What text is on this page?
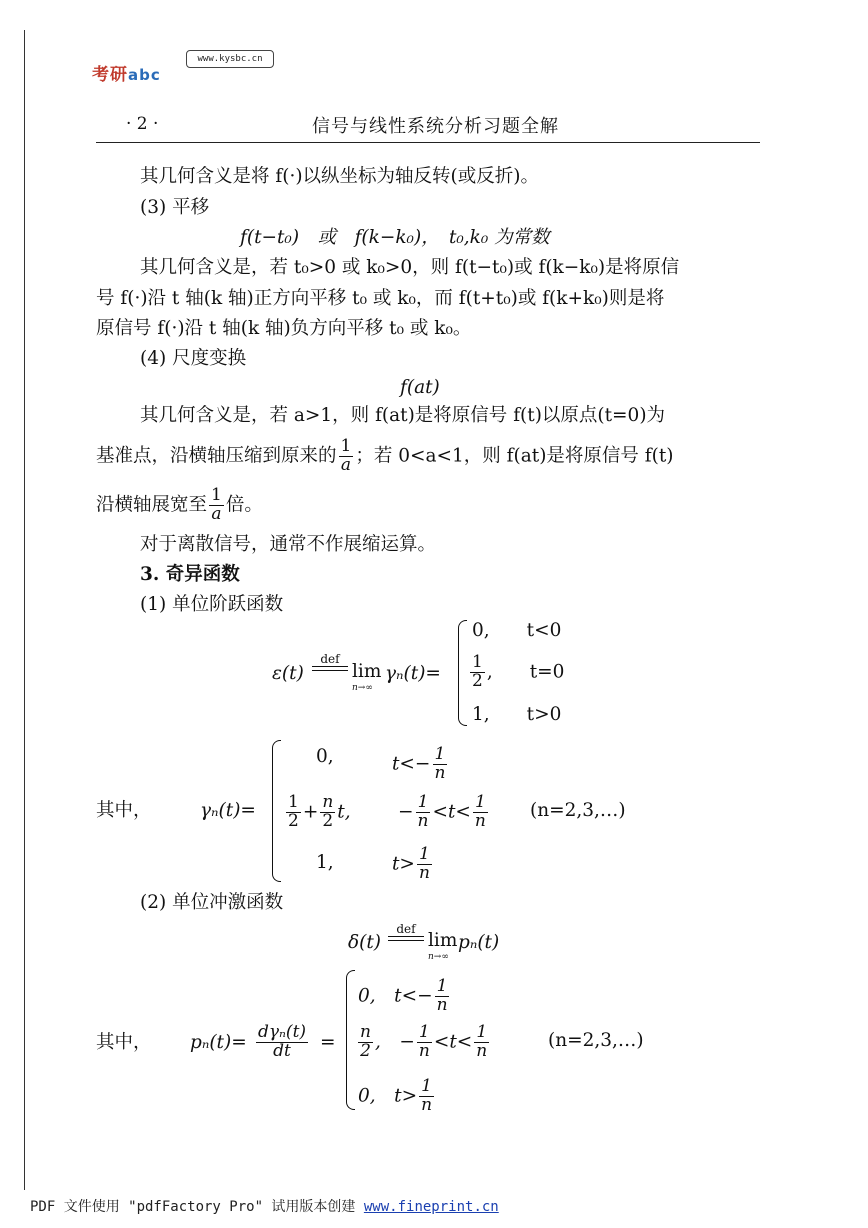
考研abc
www.kysbc.cn
· 2 ·	信号与线性系统分析习题全解
其几何含义是将 f(·)以纵坐标为轴反转(或反折)。
(3) 平移
f(t−t₀)　或　f(k−k₀)，　t₀,k₀ 为常数
其几何含义是，若 t₀>0 或 k₀>0，则 f(t−t₀)或 f(k−k₀)是将原信
号 f(·)沿 t 轴(k 轴)正方向平移 t₀ 或 k₀，而 f(t+t₀)或 f(k+k₀)则是将
原信号 f(·)沿 t 轴(k 轴)负方向平移 t₀ 或 k₀。
(4) 尺度变换
f(at)
其几何含义是，若 a>1，则 f(at)是将原信号 f(t)以原点(t=0)为
基准点，沿横轴压缩到原来的 $\frac{1}{a}$ ；若 0<a<1，则 f(at)是将原信号 f(t)
沿横轴展宽至 $\frac{1}{a}$ 倍。
对于离散信号，通常不作展缩运算。
3. 奇异函数
(1) 单位阶跃函数
ε(t)
def
lim
n→∞
γₙ(t)=
0,　　t<0
$\frac{1}{2}$ ,　　t=0
1,　　t>0
其中，	γₙ(t)=
0,	$t<- \frac{1}{n}$
$\frac{1}{2} + \frac{n}{2} t$,	− $\frac{1}{n} <t< \frac{1}{n}$ (n=2,3,…)
1,	$t> \frac{1}{n}$
(2) 单位冲激函数
δ(t)
def
lim
n→∞
pₙ(t)
其中， $p_n(t)= \frac{\text{dγₙ(t)}}{dt}$ =
0,　$t<- \frac{1}{n}$
$\frac{n}{2}$ ,　− $\frac{1}{n} <t< \frac{1}{n}$	(n=2,3,…)
0,　$t> \frac{1}{n}$
PDF 文件使用 "pdfFactory Pro" 试用版本创建 www.fineprint.cn
